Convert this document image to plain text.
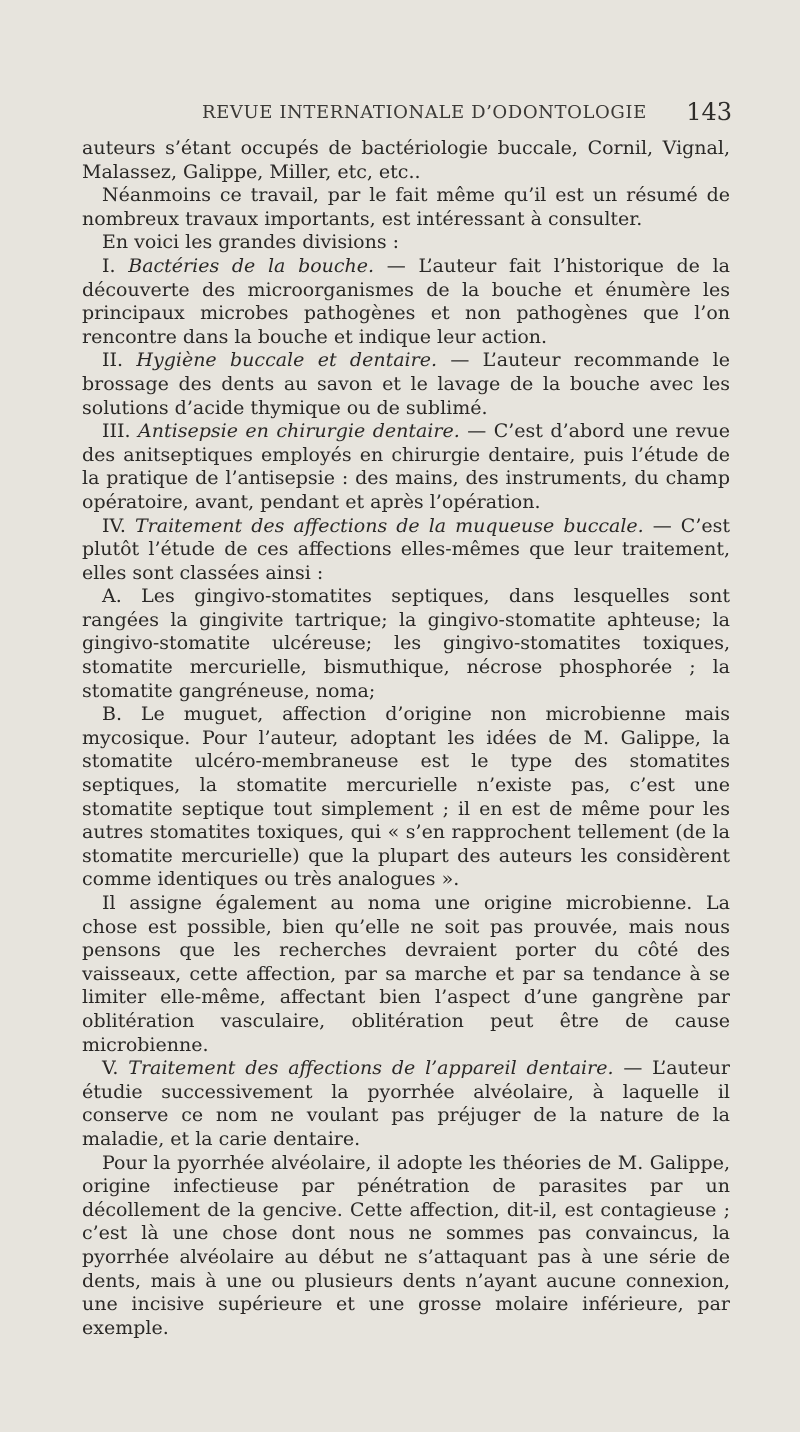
REVUE INTERNATIONALE D’ODONTOLOGIE 143

auteurs s’étant occupés de bactériologie buccale, Cornil, Vignal, Malassez, Galippe, Miller, etc, etc..

Néanmoins ce travail, par le fait même qu’il est un résumé de nombreux travaux importants, est intéressant à consulter.

En voici les grandes divisions :

I. Bactéries de la bouche. — L’auteur fait l’historique de la découverte des microorganismes de la bouche et énumère les principaux microbes pathogènes et non pathogènes que l’on rencontre dans la bouche et indique leur action.

II. Hygiène buccale et dentaire. — L’auteur recommande le brossage des dents au savon et le lavage de la bouche avec les solutions d’acide thymique ou de sublimé.

III. Antisepsie en chirurgie dentaire. — C’est d’abord une revue des anitseptiques employés en chirurgie dentaire, puis l’étude de la pratique de l’antisepsie : des mains, des instruments, du champ opératoire, avant, pendant et après l’opération.

IV. Traitement des affections de la muqueuse buccale. — C’est plutôt l’étude de ces affections elles-mêmes que leur traitement, elles sont classées ainsi :

A. Les gingivo-stomatites septiques, dans lesquelles sont rangées la gingivite tartrique; la gingivo-stomatite aphteuse; la gingivo-stomatite ulcéreuse; les gingivo-stomatites toxiques, stomatite mercurielle, bismuthique, nécrose phosphorée ; la stomatite gangréneuse, noma;

B. Le muguet, affection d’origine non microbienne mais mycosique. Pour l’auteur, adoptant les idées de M. Galippe, la stomatite ulcéro-membraneuse est le type des stomatites septiques, la stomatite mercurielle n’existe pas, c’est une stomatite septique tout simplement ; il en est de même pour les autres stomatites toxiques, qui « s’en rapprochent tellement (de la stomatite mercurielle) que la plupart des auteurs les considèrent comme identiques ou très analogues ».

Il assigne également au noma une origine microbienne. La chose est possible, bien qu’elle ne soit pas prouvée, mais nous pensons que les recherches devraient porter du côté des vaisseaux, cette affection, par sa marche et par sa tendance à se limiter elle-même, affectant bien l’aspect d’une gangrène par oblitération vasculaire, oblitération peut être de cause microbienne.

V. Traitement des affections de l’appareil dentaire. — L’auteur étudie successivement la pyorrhée alvéolaire, à laquelle il conserve ce nom ne voulant pas préjuger de la nature de la maladie, et la carie dentaire.

Pour la pyorrhée alvéolaire, il adopte les théories de M. Galippe, origine infectieuse par pénétration de parasites par un décollement de la gencive. Cette affection, dit-il, est contagieuse ; c’est là une chose dont nous ne sommes pas convaincus, la pyorrhée alvéolaire au début ne s’attaquant pas à une série de dents, mais à une ou plusieurs dents n’ayant aucune connexion, une incisive supérieure et une grosse molaire inférieure, par exemple.
